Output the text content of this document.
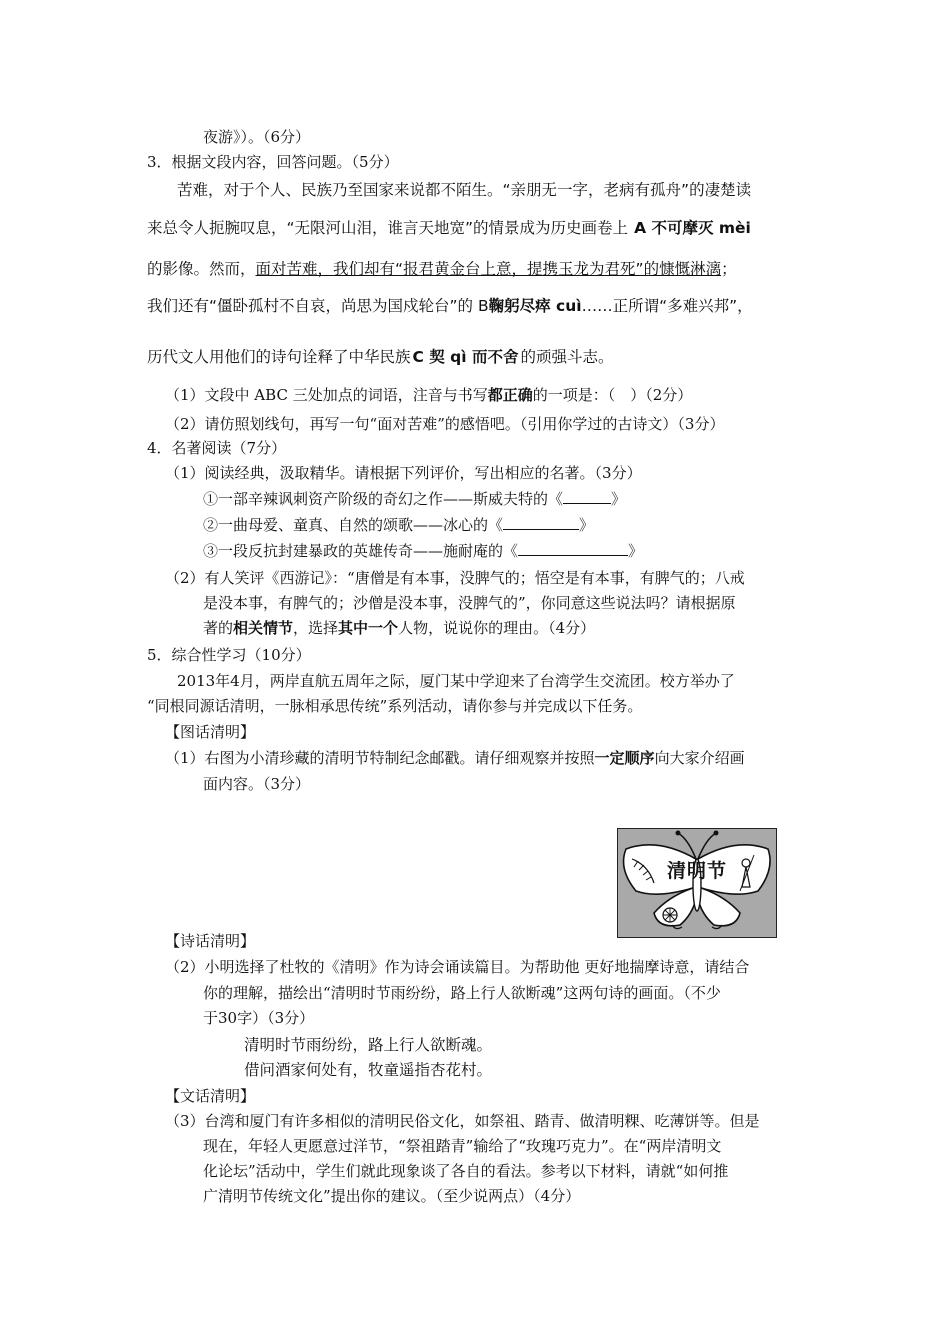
夜游》）。（6分）
3．根据文段内容，回答问题。（5分）
苦难，对于个人、民族乃至国家来说都不陌生。“亲朋无一字，老病有孤舟”的凄楚读
来总令人扼腕叹息，“无限河山泪，谁言天地宽”的情景成为历史画卷上 A 不可摩灭 mèi
的影像。然而，面对苦难，我们却有“报君黄金台上意，提携玉龙为君死”的慷慨淋漓；
我们还有“僵卧孤村不自哀，尚思为国戍轮台”的 B鞠躬尽瘁 cuì……正所谓“多难兴邦”，
历代文人用他们的诗句诠释了中华民族 C 契 qì 而不舍 的顽强斗志。
（1）文段中 ABC 三处加点的词语，注音与书写都正确的一项是：（　）（2分）
（2）请仿照划线句，再写一句“面对苦难”的感悟吧。（引用你学过的古诗文）（3分）
4．名著阅读（7分）
（1）阅读经典，汲取精华。请根据下列评价，写出相应的名著。（3分）
①一部辛辣讽刺资产阶级的奇幻之作——斯威夫特的《	》
②一曲母爱、童真、自然的颂歌——冰心的《	》
③一段反抗封建暴政的英雄传奇——施耐庵的《	》
（2）有人笑评《西游记》：“唐僧是有本事，没脾气的；悟空是有本事，有脾气的；八戒
是没本事，有脾气的；沙僧是没本事，没脾气的”，你同意这些说法吗？请根据原
著的相关情节，选择其中一个人物，说说你的理由。（4分）
5．综合性学习（10分）
2013年4月，两岸直航五周年之际，厦门某中学迎来了台湾学生交流团。校方举办了
“同根同源话清明，一脉相承思传统”系列活动，请你参与并完成以下任务。
【图话清明】
（1）右图为小清珍藏的清明节特制纪念邮戳。请仔细观察并按照一定顺序向大家介绍画
面内容。（3分）
清明节
【诗话清明】
（2）小明选择了杜牧的《清明》作为诗会诵读篇目。为帮助他 更好地揣摩诗意，请结合
你的理解，描绘出“清明时节雨纷纷，路上行人欲断魂”这两句诗的画面。（不少
于30字）（3分）
清明时节雨纷纷，路上行人欲断魂。
借问酒家何处有，牧童遥指杏花村。
【文话清明】
（3）台湾和厦门有许多相似的清明民俗文化，如祭祖、踏青、做清明粿、吃薄饼等。但是
现在，年轻人更愿意过洋节，“祭祖踏青”输给了“玫瑰巧克力”。在“两岸清明文
化论坛”活动中，学生们就此现象谈了各自的看法。参考以下材料，请就“如何推
广清明节传统文化”提出你的建议。（至少说两点）（4分）
